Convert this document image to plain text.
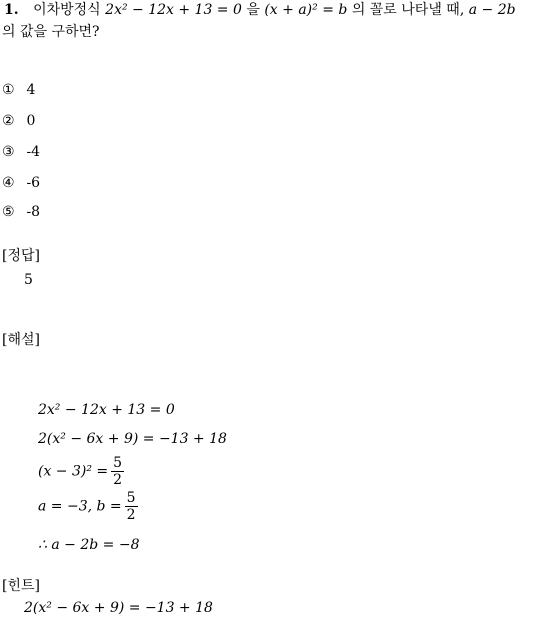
1. 이차방정식 2x² − 12x + 13 = 0 을 (x + a)² = b 의 꼴로 나타낼 때, a − 2b
의 값을 구하면?
① 4
② 0
③ -4
④ -6
⑤ -8
[정답]
5
[해설]
2x² − 12x + 13 = 0
2(x² − 6x + 9) = −13 + 18
$(x - 3)^2 = \frac{5}{2}$
a = −3, $b = \frac{5}{2}$
∴ a − 2b = −8
[힌트]
2(x² − 6x + 9) = −13 + 18
